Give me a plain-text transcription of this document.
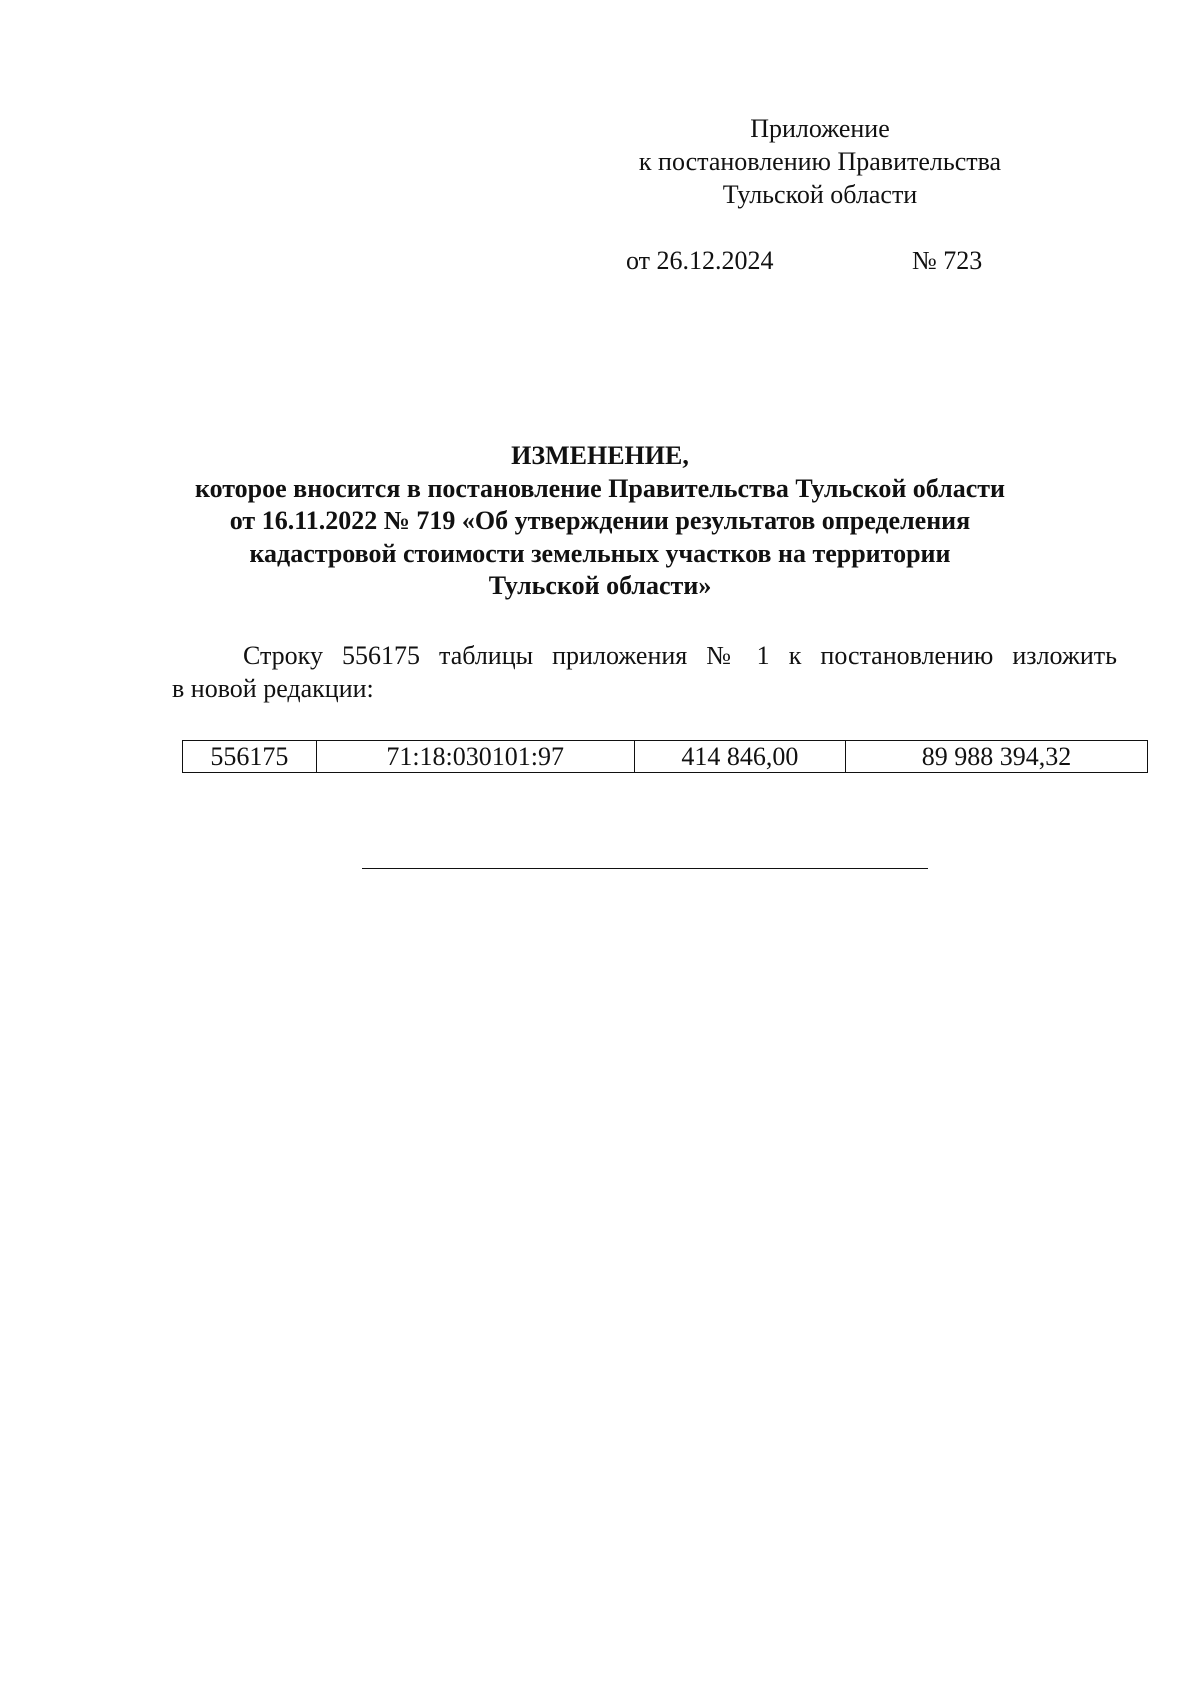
Приложение
к постановлению Правительства
Тульской области
от 26.12.2024	№ 723
ИЗМЕНЕНИЕ,
которое вносится в постановление Правительства Тульской области
от 16.11.2022 № 719 «Об утверждении результатов определения
кадастровой стоимости земельных участков на территории
Тульской области»
Строку 556175 таблицы приложения № 1 к постановлению изложить
в новой редакции:
556175	71:18:030101:97	414 846,00	89 988 394,32
